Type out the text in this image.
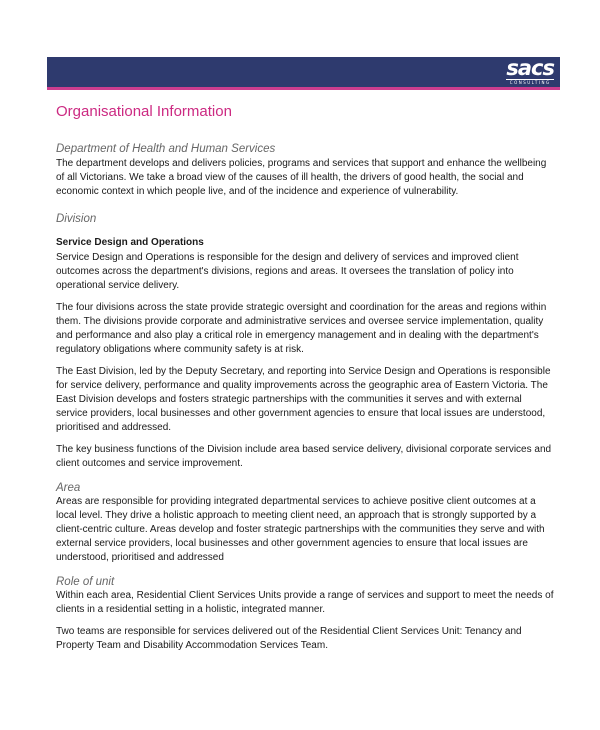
sacs
CONSULTING
Organisational Information
Department of Health and Human Services

The department develops and delivers policies, programs and services that support and enhance the wellbeing of all Victorians. We take a broad view of the causes of ill health, the drivers of good health, the social and economic context in which people live, and of the incidence and experience of vulnerability.

Division
Service Design and Operations

Service Design and Operations is responsible for the design and delivery of services and improved client outcomes across the department's divisions, regions and areas. It oversees the translation of policy into operational service delivery.

The four divisions across the state provide strategic oversight and coordination for the areas and regions within them. The divisions provide corporate and administrative services and oversee service implementation, quality and performance and also play a critical role in emergency management and in dealing with the department's regulatory obligations where community safety is at risk.

The East Division, led by the Deputy Secretary, and reporting into Service Design and Operations is responsible for service delivery, performance and quality improvements across the geographic area of Eastern Victoria. The East Division develops and fosters strategic partnerships with the communities it serves and with external service providers, local businesses and other government agencies to ensure that local issues are understood, prioritised and addressed.

The key business functions of the Division include area based service delivery, divisional corporate services and client outcomes and service improvement.

Area

Areas are responsible for providing integrated departmental services to achieve positive client outcomes at a local level. They drive a holistic approach to meeting client need, an approach that is strongly supported by a client-centric culture. Areas develop and foster strategic partnerships with the communities they serve and with external service providers, local businesses and other government agencies to ensure that local issues are understood, prioritised and addressed

Role of unit

Within each area, Residential Client Services Units provide a range of services and support to meet the needs of clients in a residential setting in a holistic, integrated manner.

Two teams are responsible for services delivered out of the Residential Client Services Unit: Tenancy and Property Team and Disability Accommodation Services Team.
